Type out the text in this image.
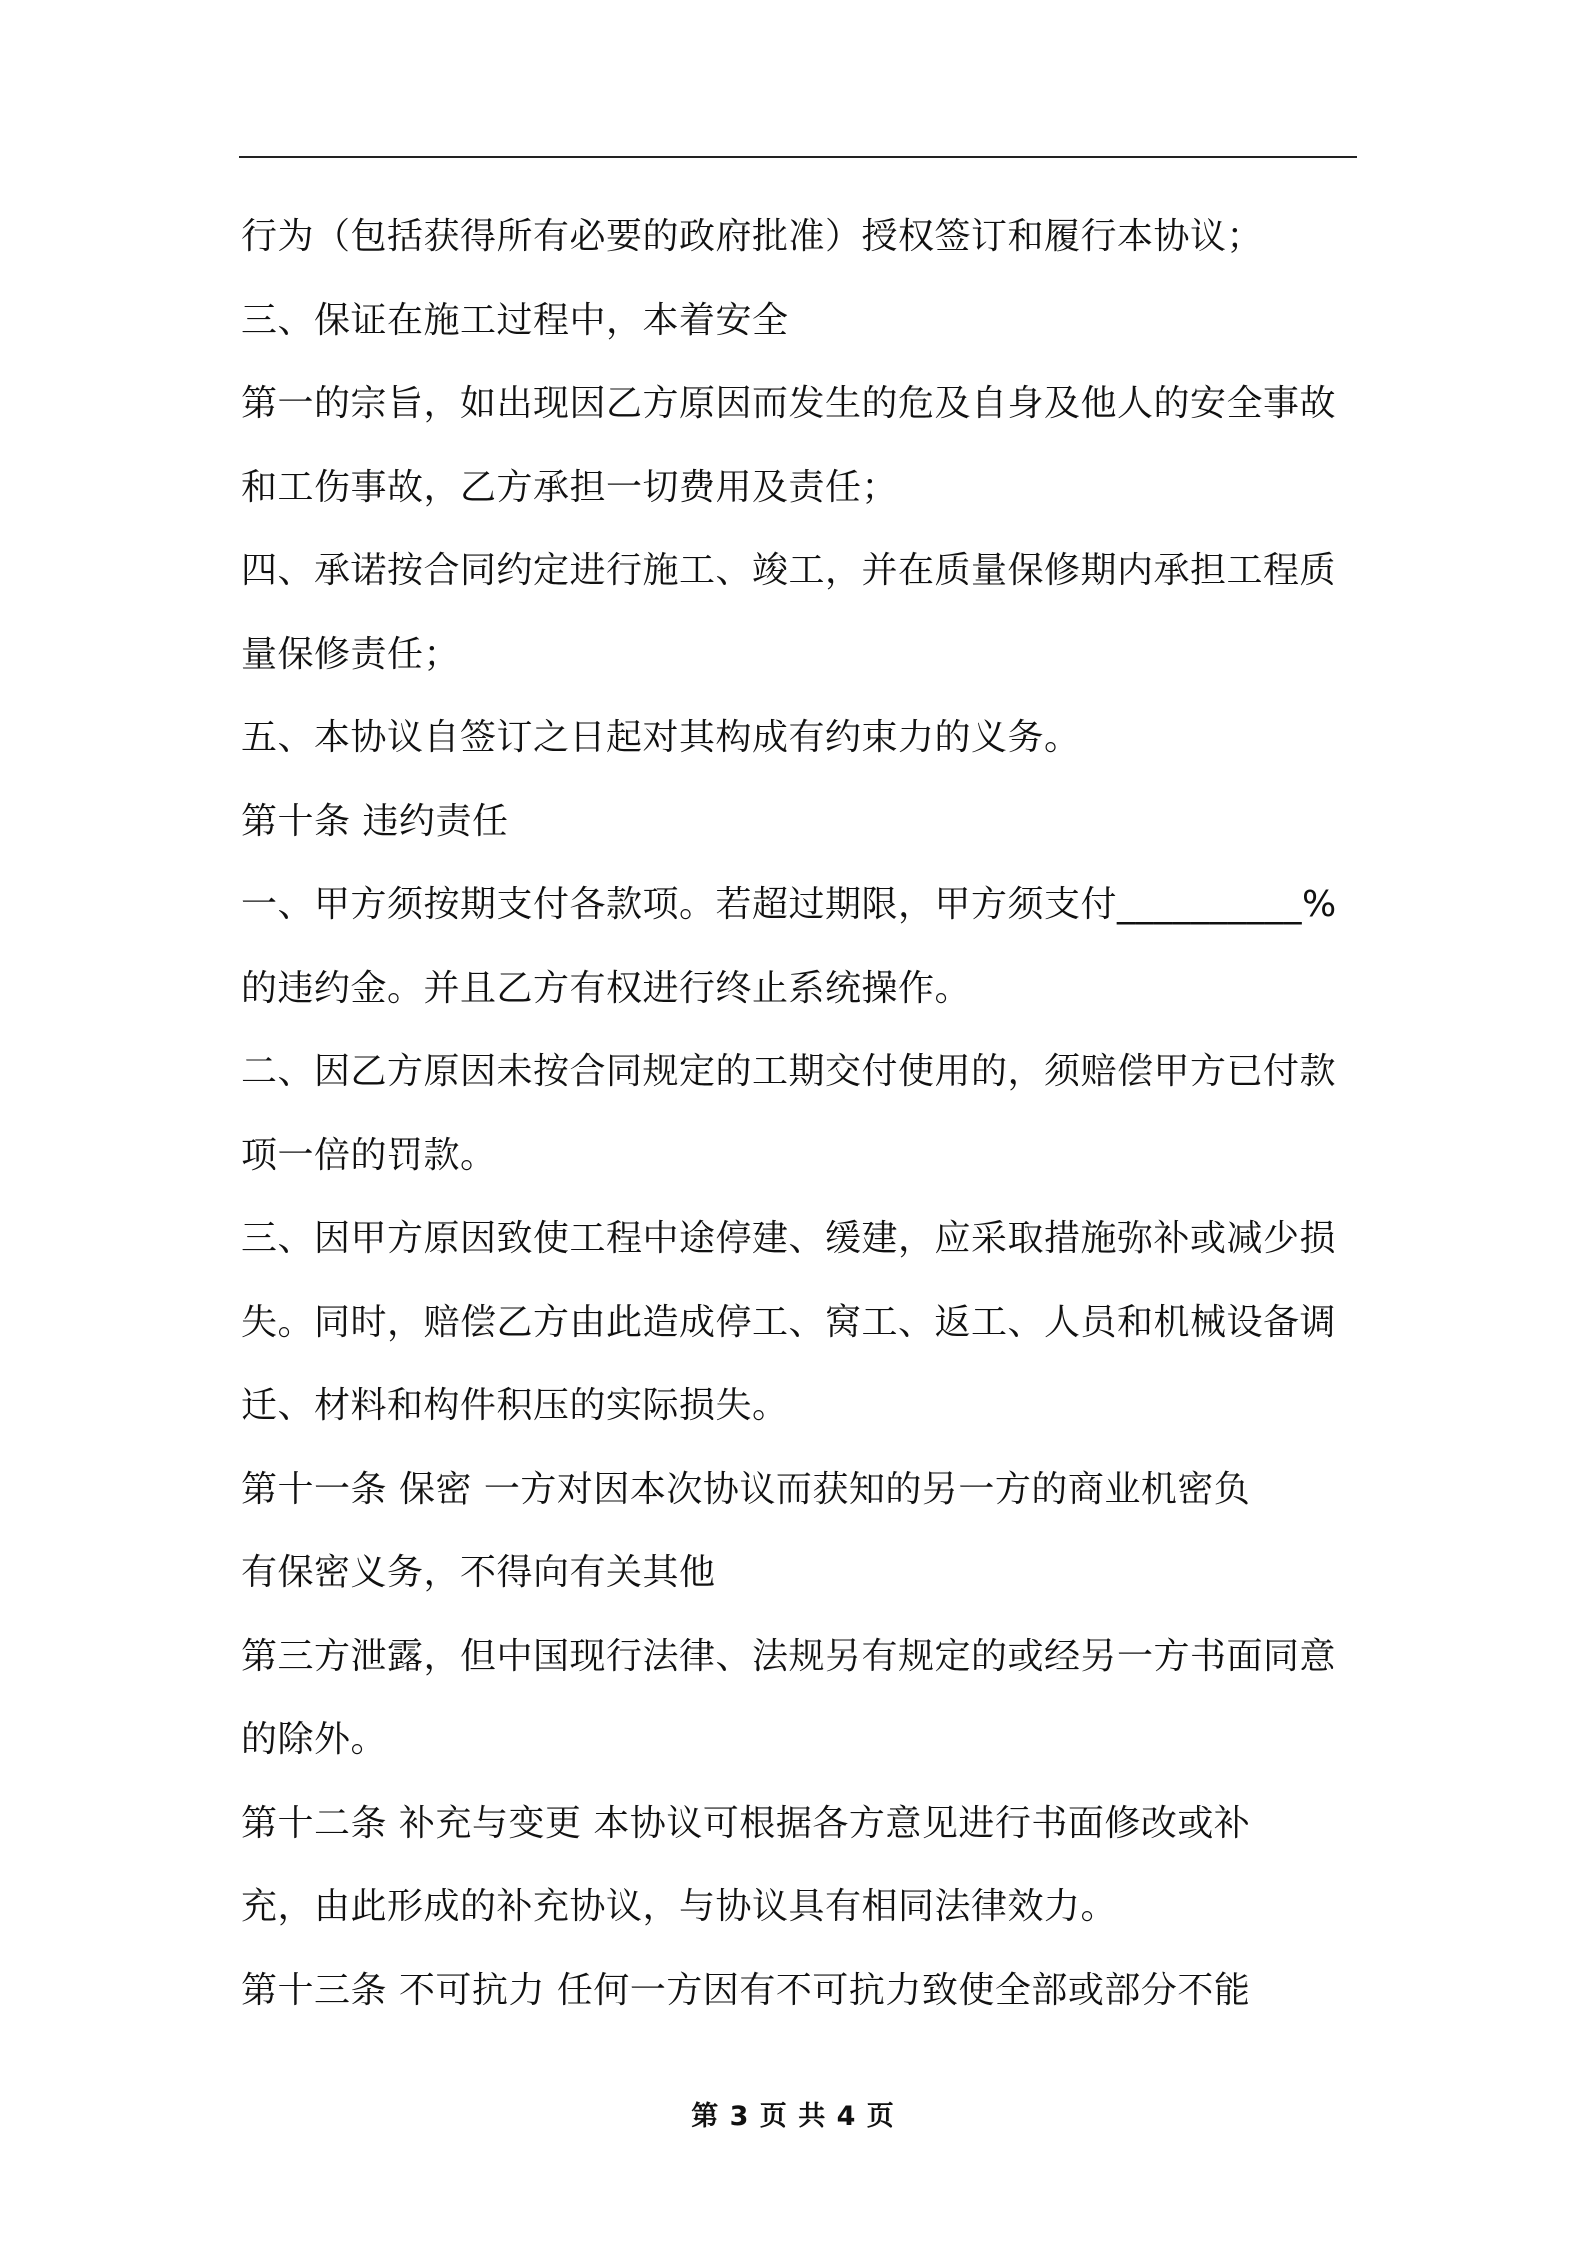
行为（包括获得所有必要的政府批准）授权签订和履行本协议；
三、保证在施工过程中，本着安全
第一的宗旨，如出现因乙方原因而发生的危及自身及他人的安全事故
和工伤事故，乙方承担一切费用及责任；
四、承诺按合同约定进行施工、竣工，并在质量保修期内承担工程质
量保修责任；
五、本协议自签订之日起对其构成有约束力的义务。
第十条 违约责任
一、甲方须按期支付各款项。若超过期限，甲方须支付__________%
的违约金。并且乙方有权进行终止系统操作。
二、因乙方原因未按合同规定的工期交付使用的，须赔偿甲方已付款
项一倍的罚款。
三、因甲方原因致使工程中途停建、缓建，应采取措施弥补或减少损
失。同时，赔偿乙方由此造成停工、窝工、返工、人员和机械设备调
迁、材料和构件积压的实际损失。
第十一条 保密 一方对因本次协议而获知的另一方的商业机密负
有保密义务，不得向有关其他
第三方泄露，但中国现行法律、法规另有规定的或经另一方书面同意
的除外。
第十二条 补充与变更 本协议可根据各方意见进行书面修改或补
充，由此形成的补充协议，与协议具有相同法律效力。
第十三条 不可抗力 任何一方因有不可抗力致使全部或部分不能
第 3 页 共 4 页
